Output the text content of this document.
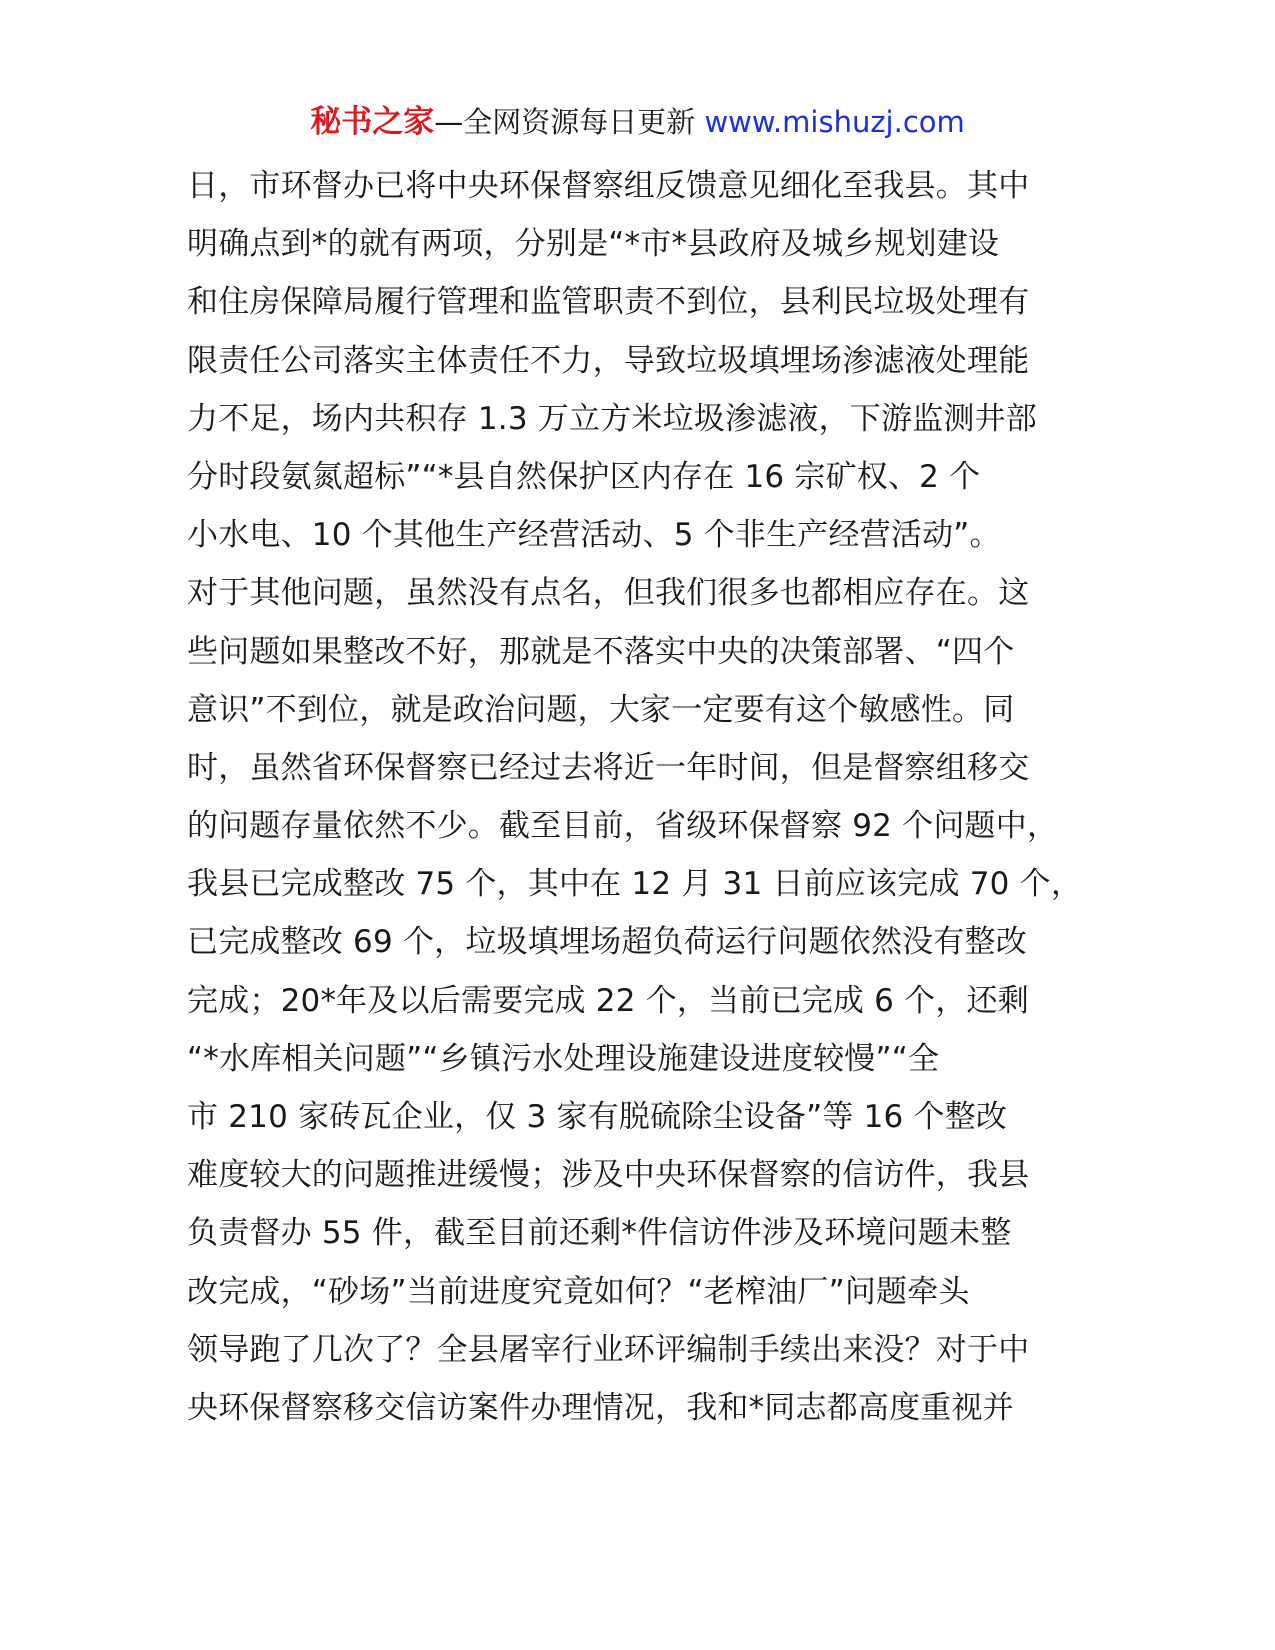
秘书之家—全网资源每日更新 www.mishuzj.com
日，市环督办已将中央环保督察组反馈意见细化至我县。其中
明确点到*的就有两项，分别是“*市*县政府及城乡规划建设
和住房保障局履行管理和监管职责不到位，县利民垃圾处理有
限责任公司落实主体责任不力，导致垃圾填埋场渗滤液处理能
力不足，场内共积存 1.3 万立方米垃圾渗滤液，下游监测井部
分时段氨氮超标”“*县自然保护区内存在 16 宗矿权、2 个
小水电、10 个其他生产经营活动、5 个非生产经营活动”。
对于其他问题，虽然没有点名，但我们很多也都相应存在。这
些问题如果整改不好，那就是不落实中央的决策部署、“四个
意识”不到位，就是政治问题，大家一定要有这个敏感性。同
时，虽然省环保督察已经过去将近一年时间，但是督察组移交
的问题存量依然不少。截至目前，省级环保督察 92 个问题中，
我县已完成整改 75 个，其中在 12 月 31 日前应该完成 70 个，
已完成整改 69 个，垃圾填埋场超负荷运行问题依然没有整改
完成；20*年及以后需要完成 22 个，当前已完成 6 个，还剩
“*水库相关问题”“乡镇污水处理设施建设进度较慢”“全
市 210 家砖瓦企业，仅 3 家有脱硫除尘设备”等 16 个整改
难度较大的问题推进缓慢；涉及中央环保督察的信访件，我县
负责督办 55 件，截至目前还剩*件信访件涉及环境问题未整
改完成，“砂场”当前进度究竟如何？“老榨油厂”问题牵头
领导跑了几次了？全县屠宰行业环评编制手续出来没？对于中
央环保督察移交信访案件办理情况，我和*同志都高度重视并
